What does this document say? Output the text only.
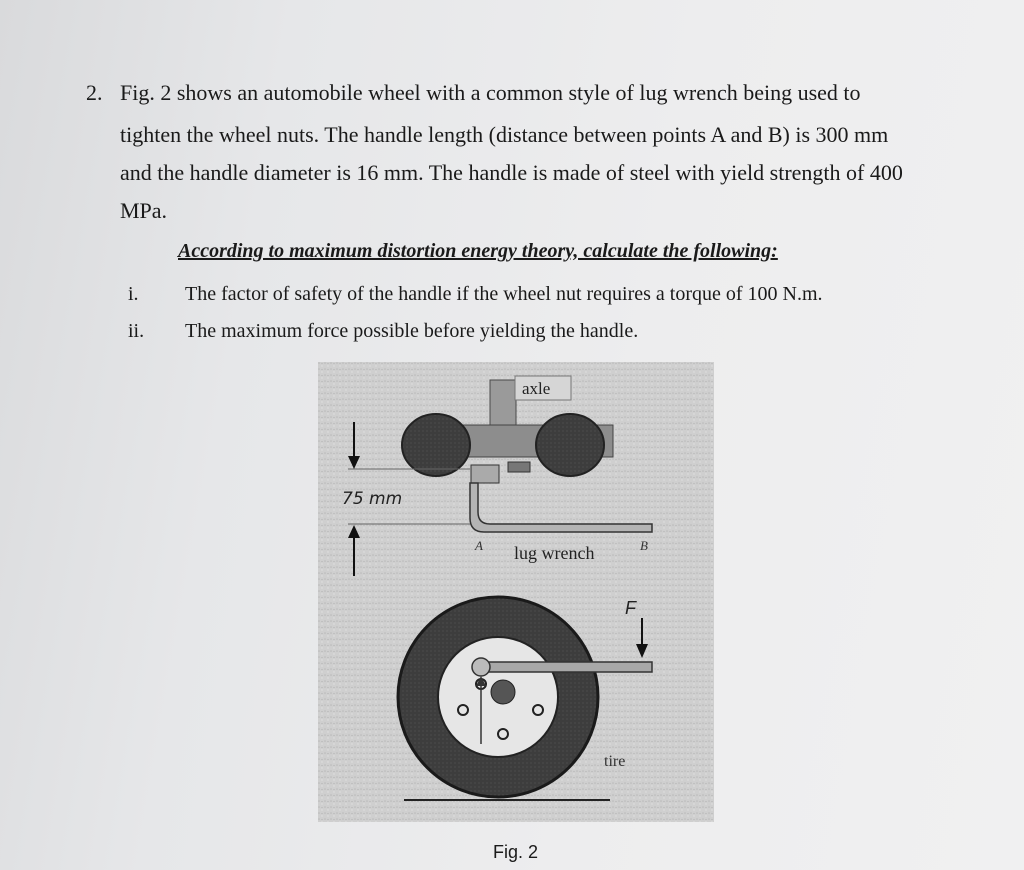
2. Fig. 2 shows an automobile wheel with a common style of lug wrench being used to
tighten the wheel nuts. The handle length (distance between points A and B) is 300 mm
and the handle diameter is 16 mm. The handle is made of steel with yield strength of 400
MPa.
According to maximum distortion energy theory, calculate the following:
i. The factor of safety of the handle if the wheel nut requires a torque of 100 N.m.
ii. The maximum force possible before yielding the handle.
axle
75 mm
A lug wrench	B
F
tire
Fig. 2
